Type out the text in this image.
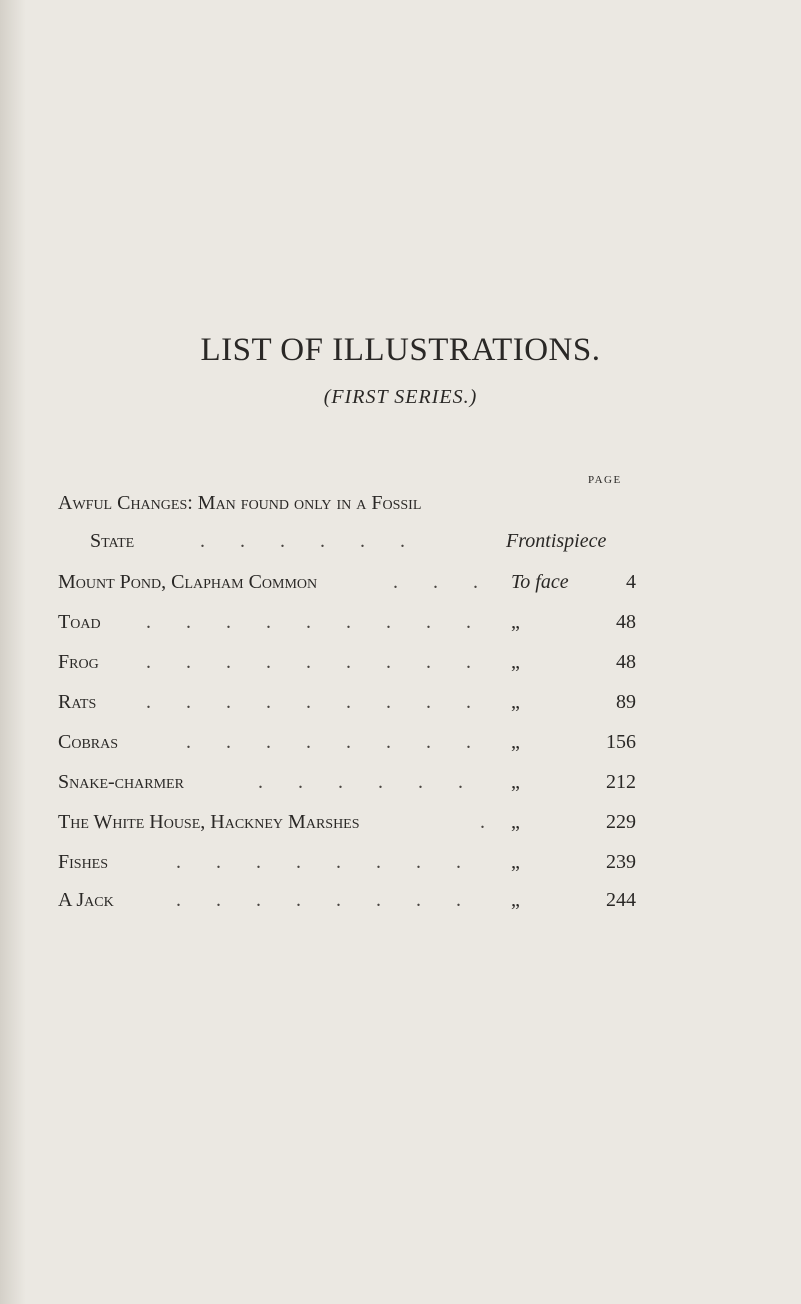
LIST OF ILLUSTRATIONS.
(FIRST SERIES.)
PAGE
Awful Changes: Man found only in a Fossil
State	. . . . . .	Frontispiece
Mount Pond, Clapham Common	. . . To face	4
Toad . . . . . . . . . „	48
Frog . . . . . . . . . „	48
Rats . . . . . . . . . „	89
Cobras	. . . . . . . . „	156
Snake-charmer	. . . . . . „	212
The White House, Hackney Marshes	. „	229
Fishes	. . . . . . . . „	239
A Jack	. . . . . . . . „	244
